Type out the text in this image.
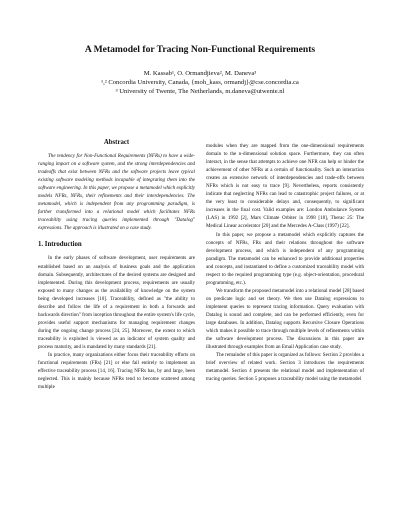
A Metamodel for Tracing Non-Functional Requirements
M. Kassab¹, O. Ormandjieva², M. Daneva³
¹,² Concordia University, Canada, {moh_kass, ormandj}@cse.concordia.ca
³ University of Twente, The Netherlands, m.daneva@utwente.nl
Abstract

The tendency for Non-Functional Requirements (NFRs) to have a wide-ranging impact on a software system, and the strong interdependencies and tradeoffs that exist between NFRs and the software projects leave typical existing software modeling methods incapable of integrating them into the software engineering. In this paper, we propose a metamodel which explicitly models NFRs, NFRs, their refinements and their interdependencies. The metamodel, which is independent from any programming paradigm, is further transformed into a relational model which facilitates NFRs traceability using tracing queries implemented through "Datalog" expressions. The approach is illustrated on a case study.

1. Introduction

In the early phases of software development, user requirements are established based on an analysis of business goals and the application domain. Subsequently, architectures of the desired systems are designed and implemented. During this development process, requirements are usually exposed to many changes as the availability of knowledge on the system being developed increases [10]. Traceability, defined as "the ability to describe and follow the life of a requirement in both a forwards and backwards direction" from inception throughout the entire system's life cycle, provides useful support mechanisms for managing requirement changes during the ongoing change process [24, 25]. Moreover, the extent to which traceability is exploited is viewed as an indicator of system quality and process maturity, and is mandated by many standards [21].

In practice, many organizations either focus their traceability efforts on functional requirements (FRs) [21] or else fail entirely to implement an effective traceability process [14, 16]. Tracing NFRs has, by and large, been neglected. This is mainly because NFRs tend to become scattered among multiple

modules when they are mapped from the one-dimensional requirements domain to the n-dimensional solution space. Furthermore, they can often interact, in the sense that attempts to achieve one NFR can help or hinder the achievement of other NFRs at a certain of functionality. Such an interaction creates an extensive network of interdependencies and trade-offs between NFRs which is not easy to trace [9]. Nevertheless, reports consistently indicate that neglecting NFRs can lead to catastrophic project failures, or at the very least to considerable delays and, consequently, to significant increases in the final cost. Valid examples are: London Ambulance System (LAS) in 1992 [2], Mars Climate Orbiter in 1998 [18], Therac 25: The Medical Linear accelerator [20] and the Mercedes A-Class (1997) [22].

In this paper, we propose a metamodel which explicitly captures the concepts of NFRs, FRs and their relations throughout the software development process, and which is independent of any programming paradigm. The metamodel can be enhanced to provide additional properties and concepts, and instantiated to define a customized traceability model with respect to the required programming type (e.g. object-orientation, procedural programming, etc.).

We transform the proposed metamodel into a relational model [28] based on predicate logic and set theory. We then use Datalog expressions to implement queries to represent tracing information. Query evaluation with Datalog is sound and complete, and can be performed efficiently, even for large databases. In addition, Datalog supports Recursive Closure Operations which makes it possible to trace through multiple levels of refinements within the software development process. The discussions in this paper are illustrated through examples from an Email Application case study.

The remainder of this paper is organized as follows: Section 2 provides a brief overview of related work. Section 3 introduces the requirements metamodel. Section 4 presents the relational model and implementation of tracing queries. Section 5 proposes a traceability model using the metamodel
